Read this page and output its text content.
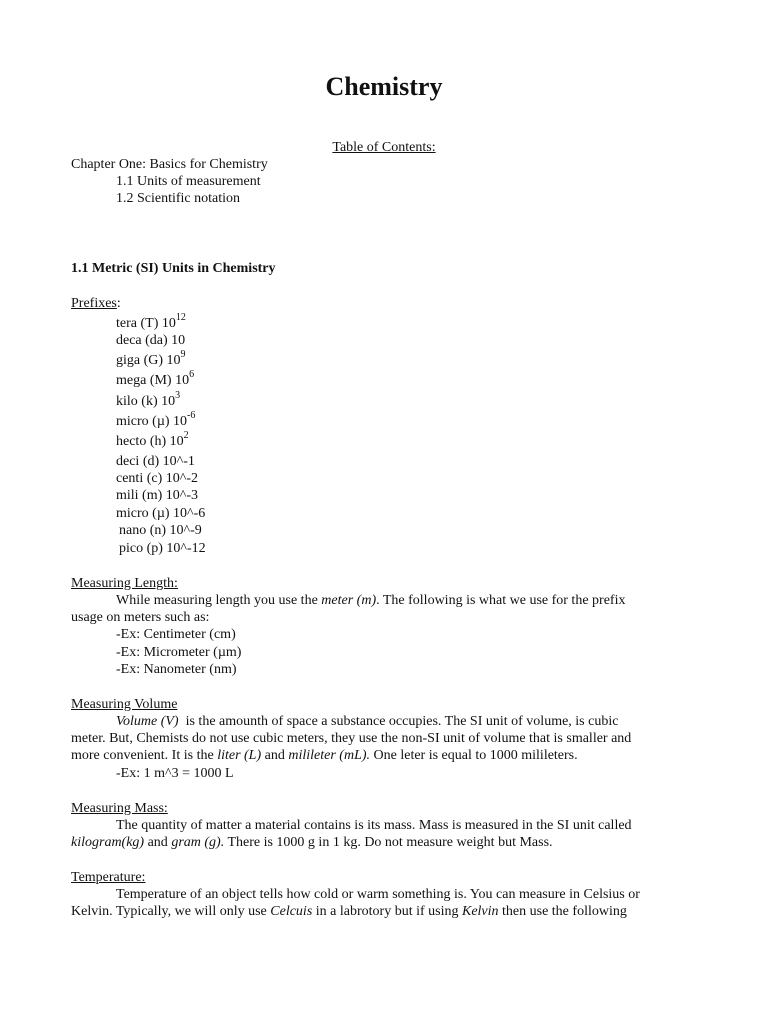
Chemistry
Table of Contents:
Chapter One: Basics for Chemistry
1.1 Units of measurement
1.2 Scientific notation
1.1 Metric (SI) Units in Chemistry
Prefixes:
tera (T) $10^{12}$
deca (da) 10
giga (G) $10^9$
mega (M) $10^6$
kilo (k) $10^3$
micro (µ) $10^{-6}$
hecto (h) $10^2$
deci (d) 10^-1
centi (c) 10^-2
mili (m) 10^-3
micro (µ) 10^-6
nano (n) 10^-9
pico (p) 10^-12
Measuring Length:
While measuring length you use the meter (m). The following is what we use for the prefix
usage on meters such as:
-Ex: Centimeter (cm)
-Ex: Micrometer (µm)
-Ex: Nanometer (nm)
Measuring Volume
Volume (V)  is the amounth of space a substance occupies. The SI unit of volume, is cubic
meter. But, Chemists do not use cubic meters, they use the non-SI unit of volume that is smaller and
more convenient. It is the liter (L) and milileter (mL). One leter is equal to 1000 milileters.
-Ex: 1 m^3 = 1000 L
Measuring Mass:
The quantity of matter a material contains is its mass. Mass is measured in the SI unit called
kilogram(kg) and gram (g). There is 1000 g in 1 kg. Do not measure weight but Mass.
Temperature:
Temperature of an object tells how cold or warm something is. You can measure in Celsius or
Kelvin. Typically, we will only use Celcuis in a labrotory but if using Kelvin then use the following
